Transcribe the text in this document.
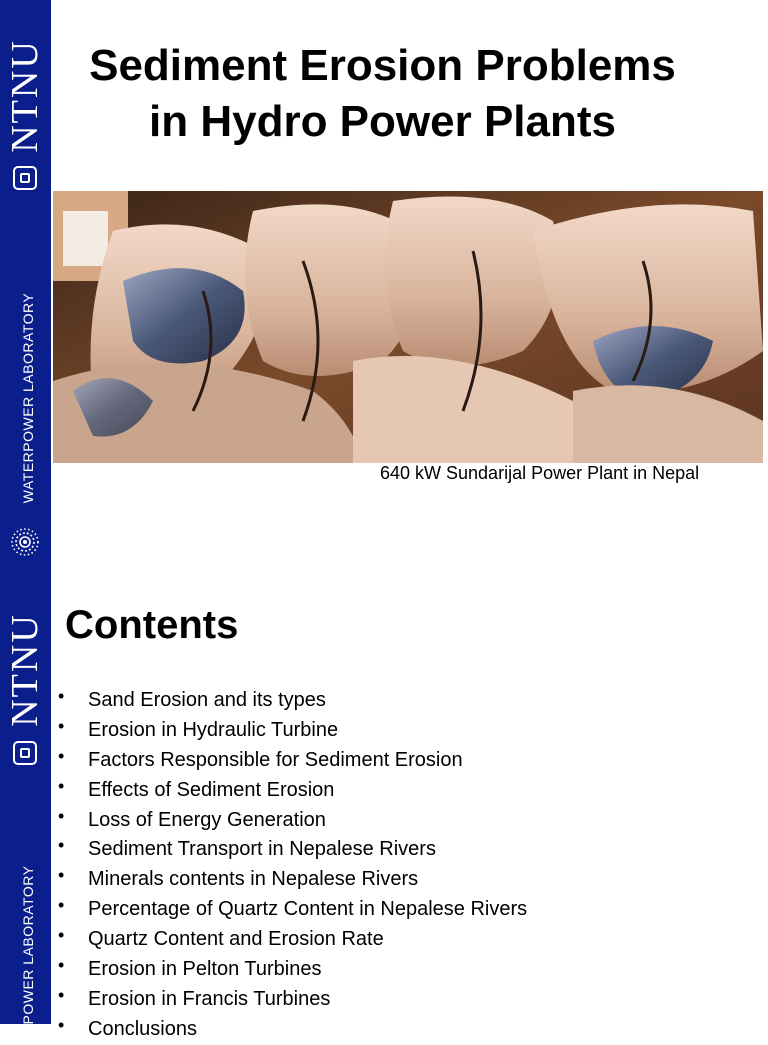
NTNU
WATERPOWER LABORATORY
NTNU
POWER LABORATORY
Sediment Erosion Problems
in Hydro Power Plants
640 kW Sundarijal Power Plant in Nepal
Contents
• Sand Erosion and its types
• Erosion in Hydraulic Turbine
• Factors Responsible for Sediment Erosion
• Effects of Sediment Erosion
• Loss of Energy Generation
• Sediment Transport in Nepalese Rivers
• Minerals contents in Nepalese Rivers
• Percentage of Quartz Content in Nepalese Rivers
• Quartz Content and Erosion Rate
• Erosion in Pelton Turbines
• Erosion in Francis Turbines
• Conclusions
